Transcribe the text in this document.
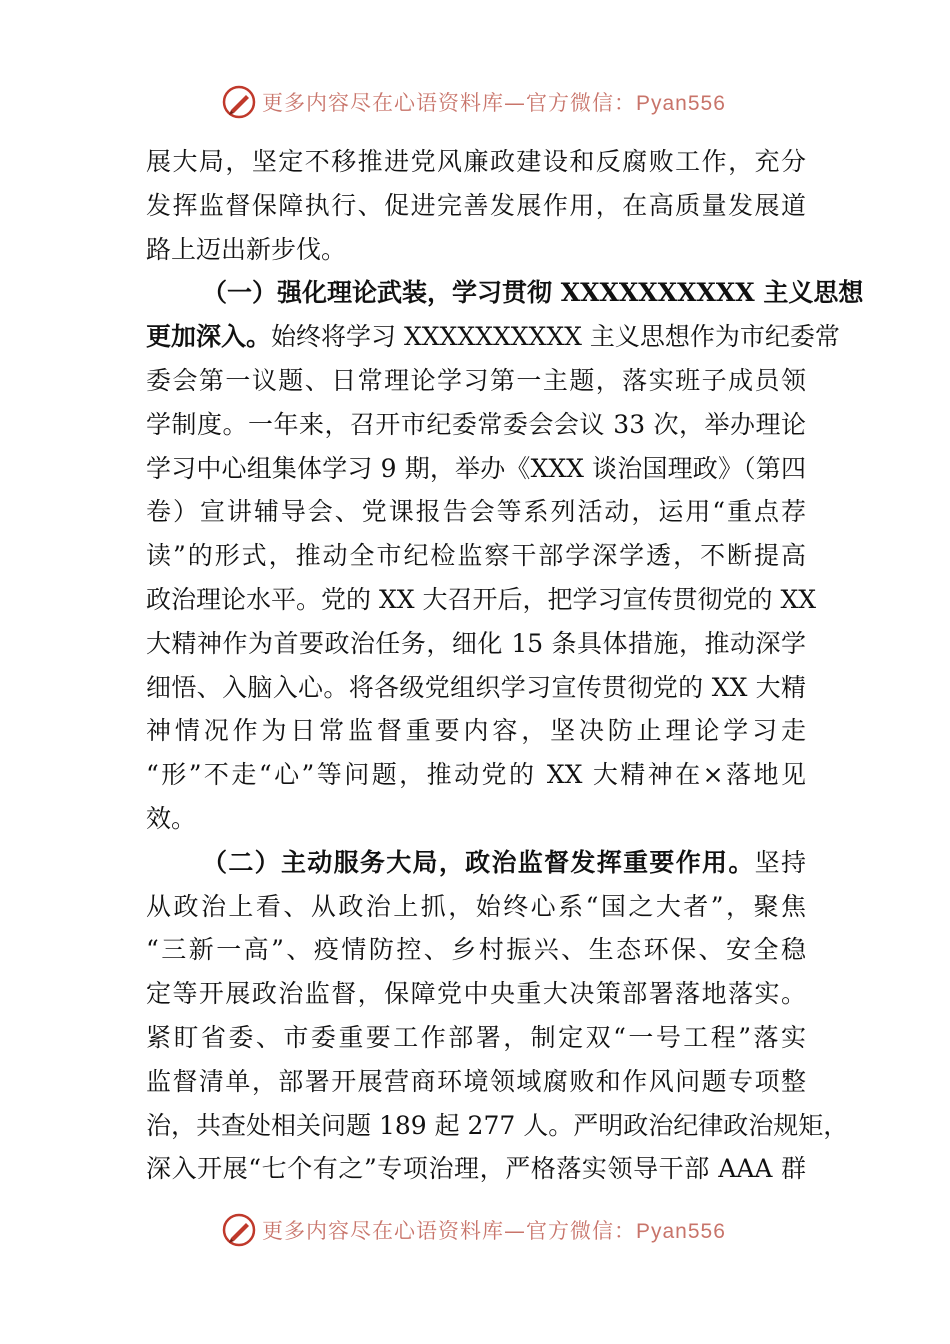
更多内容尽在心语资料库—官方微信：Pyan556
展大局，坚定不移推进党风廉政建设和反腐败工作，充分
发挥监督保障执行、促进完善发展作用，在高质量发展道
路上迈出新步伐。
（一）强化理论武装，学习贯彻 XXXXXXXXXX 主义思想
更加深入。始终将学习 XXXXXXXXXX 主义思想作为市纪委常
委会第一议题、日常理论学习第一主题，落实班子成员领
学制度。一年来，召开市纪委常委会会议 33 次，举办理论
学习中心组集体学习 9 期，举办《XXX 谈治国理政》（第四
卷）宣讲辅导会、党课报告会等系列活动，运用“重点荐
读”的形式，推动全市纪检监察干部学深学透，不断提高
政治理论水平。党的 XX 大召开后，把学习宣传贯彻党的 XX
大精神作为首要政治任务，细化 15 条具体措施，推动深学
细悟、入脑入心。将各级党组织学习宣传贯彻党的 XX 大精
神情况作为日常监督重要内容，坚决防止理论学习走
“形”不走“心”等问题，推动党的 XX 大精神在×落地见
效。
（二）主动服务大局，政治监督发挥重要作用。坚持
从政治上看、从政治上抓，始终心系“国之大者”，聚焦
“三新一高”、疫情防控、乡村振兴、生态环保、安全稳
定等开展政治监督，保障党中央重大决策部署落地落实。
紧盯省委、市委重要工作部署，制定双“一号工程”落实
监督清单，部署开展营商环境领域腐败和作风问题专项整
治，共查处相关问题 189 起 277 人。严明政治纪律政治规矩，
深入开展“七个有之”专项治理，严格落实领导干部 AAA 群
更多内容尽在心语资料库—官方微信：Pyan556
